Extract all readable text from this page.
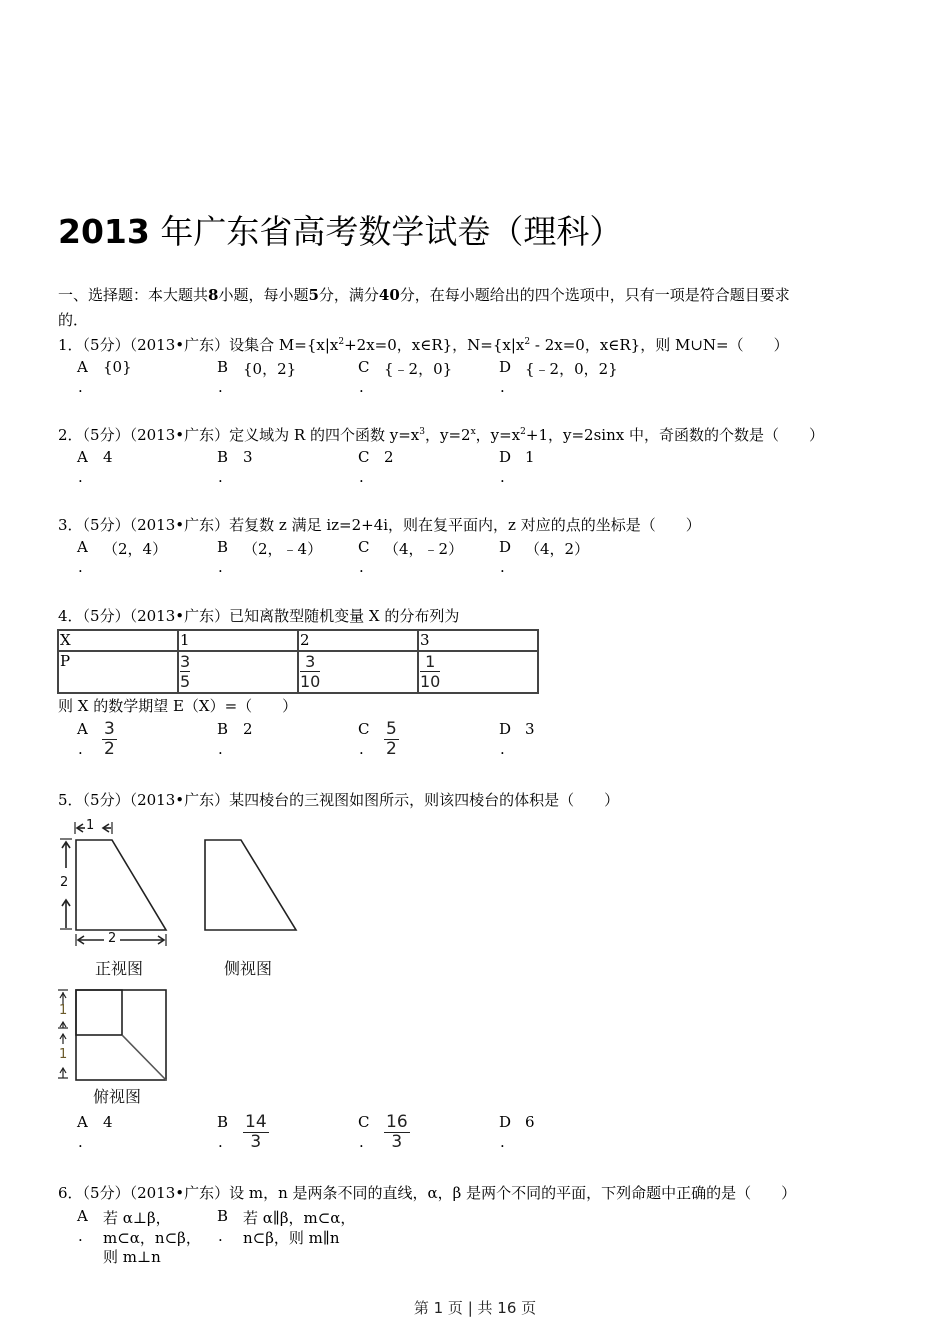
2013 年广东省高考数学试卷（理科）
一、选择题：本大题共8小题，每小题5分，满分40分，在每小题给出的四个选项中，只有一项是符合题目要求
的．
1．（5分）（2013•广东）设集合 $M=\{x|x^2+2x=0$，x∈R}，$N=\{x|x^2 - 2x=0$，x∈R}，则 M∪N=（　　）
A {0}
.
B {0，2}
.
C {﹣2，0}
.
D {﹣2，0，2}
.
2．（5分）（2013•广东）定义域为 R 的四个函数 $y=x^3$，$y=2^x$，$y=x^2+1$，y=2sinx 中，奇函数的个数是（　　）
A 4
.
B 3
.
C 2
.
D 1
.
3．（5分）（2013•广东）若复数 z 满足 iz=2+4i，则在复平面内，z 对应的点的坐标是（　　）
A （2，4）
.
B （2，﹣4）
.
C （4，﹣2）
.
D （4，2）
.
4．（5分）（2013•广东）已知离散型随机变量 X 的分布列为
X	1	2	3
P	$\frac{3}{5}$	$\frac{3}{10}$	$\frac{1}{10}$
则 X 的数学期望 E（X）=（　　）
A $\frac{3}{2}$
.
B 2
.
C $\frac{5}{2}$
.
D 3
.
5．（5分）（2013•广东）某四棱台的三视图如图所示，则该四棱台的体积是（　　）
1
2
2
正视图	侧视图
1
1
俯视图
A 4
.
B $\frac{14}{3}$
.
C $\frac{16}{3}$
.
D 6
.
6．（5分）（2013•广东）设 m，n 是两条不同的直线，α，β 是两个不同的平面，下列命题中正确的是（　　）
A
.
若 α⊥β，
m⊂α，n⊂β，
则 m⊥n
B
.
若 α∥β，m⊂α，
n⊂β，则 m∥n
第 1 页 | 共 16 页
